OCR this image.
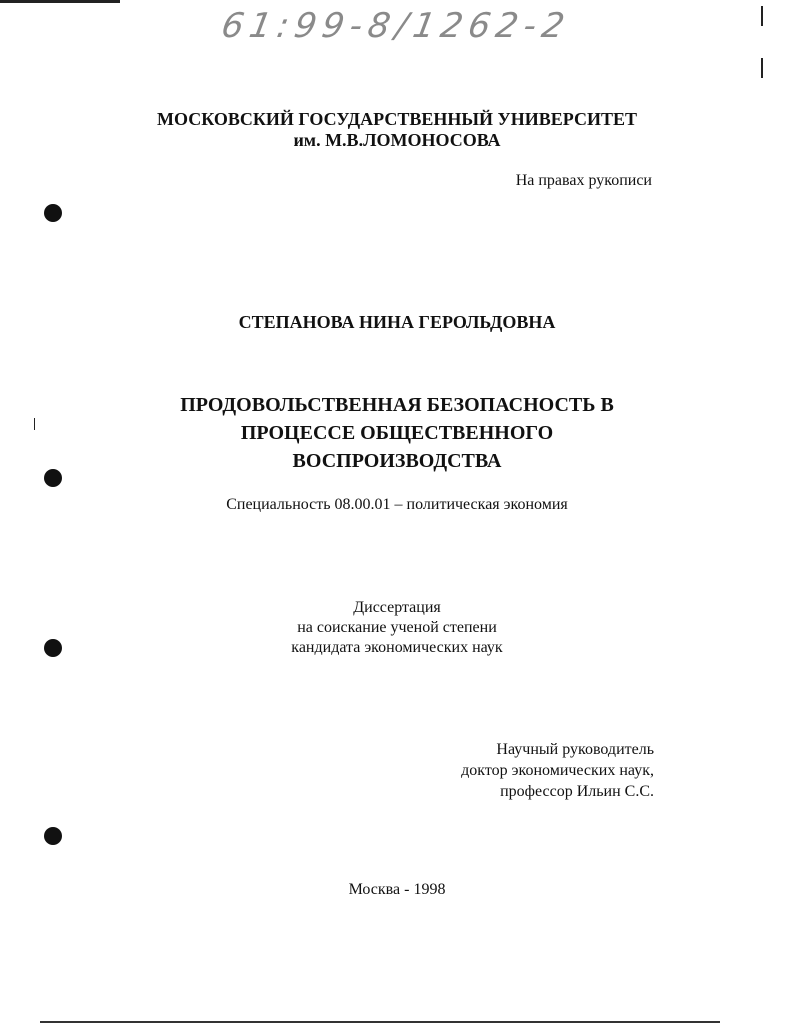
61:99-8/1262-2
МОСКОВСКИЙ ГОСУДАРСТВЕННЫЙ УНИВЕРСИТЕТ
им. М.В.ЛОМОНОСОВА
На правах рукописи
СТЕПАНОВА НИНА ГЕРОЛЬДОВНА
ПРОДОВОЛЬСТВЕННАЯ БЕЗОПАСНОСТЬ В
ПРОЦЕССЕ ОБЩЕСТВЕННОГО
ВОСПРОИЗВОДСТВА
Специальность 08.00.01 – политическая экономия
Диссертация
на соискание ученой степени
кандидата экономических наук
Научный руководитель
доктор экономических наук,
профессор Ильин С.С.
Москва - 1998
